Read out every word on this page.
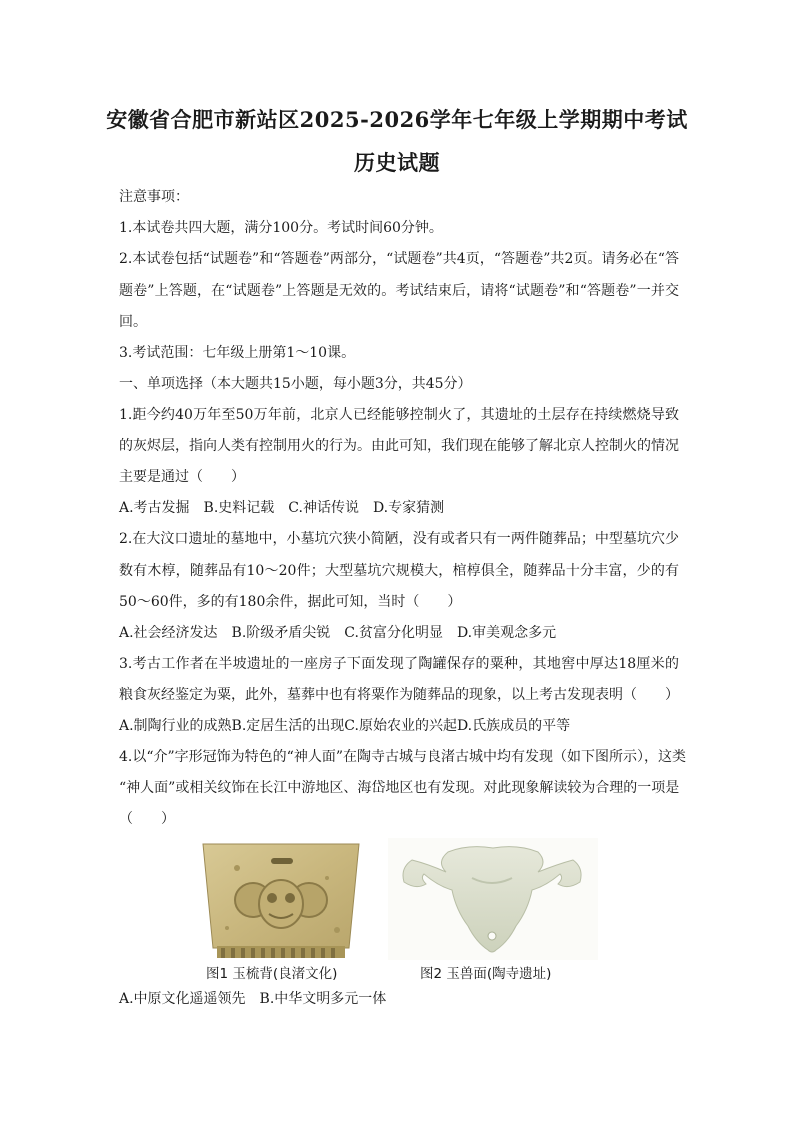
安徽省合肥市新站区2025-2026学年七年级上学期期中考试
历史试题
注意事项：
1.本试卷共四大题，满分100分。考试时间60分钟。
2.本试卷包括“试题卷”和“答题卷”两部分，“试题卷”共4页，“答题卷”共2页。请务必在“答
题卷”上答题，在“试题卷”上答题是无效的。考试结束后，请将“试题卷”和“答题卷”一并交
回。
3.考试范围：七年级上册第1～10课。
一、单项选择（本大题共15小题，每小题3分，共45分）
1.距今约40万年至50万年前，北京人已经能够控制火了，其遗址的土层存在持续燃烧导致
的灰烬层，指向人类有控制用火的行为。由此可知，我们现在能够了解北京人控制火的情况
主要是通过（　　）
A.考古发掘　B.史料记载　C.神话传说　D.专家猜测
2.在大汶口遗址的墓地中，小墓坑穴狭小简陋，没有或者只有一两件随葬品；中型墓坑穴少
数有木椁，随葬品有10～20件；大型墓坑穴规模大，棺椁俱全，随葬品十分丰富，少的有
50～60件，多的有180余件，据此可知，当时（　　）
A.社会经济发达　B.阶级矛盾尖锐　C.贫富分化明显　D.审美观念多元
3.考古工作者在半坡遗址的一座房子下面发现了陶罐保存的粟种，其地窖中厚达18厘米的
粮食灰经鉴定为粟，此外，墓葬中也有将粟作为随葬品的现象，以上考古发现表明（　　）
A.制陶行业的成熟B.定居生活的出现C.原始农业的兴起D.氏族成员的平等
4.以“介”字形冠饰为特色的“神人面”在陶寺古城与良渚古城中均有发现（如下图所示），这类
“神人面”或相关纹饰在长江中游地区、海岱地区也有发现。对此现象解读较为合理的一项是
（　　）
图1 玉梳背(良渚文化)	图2 玉兽面(陶寺遗址)
A.中原文化遥遥领先　B.中华文明多元一体
